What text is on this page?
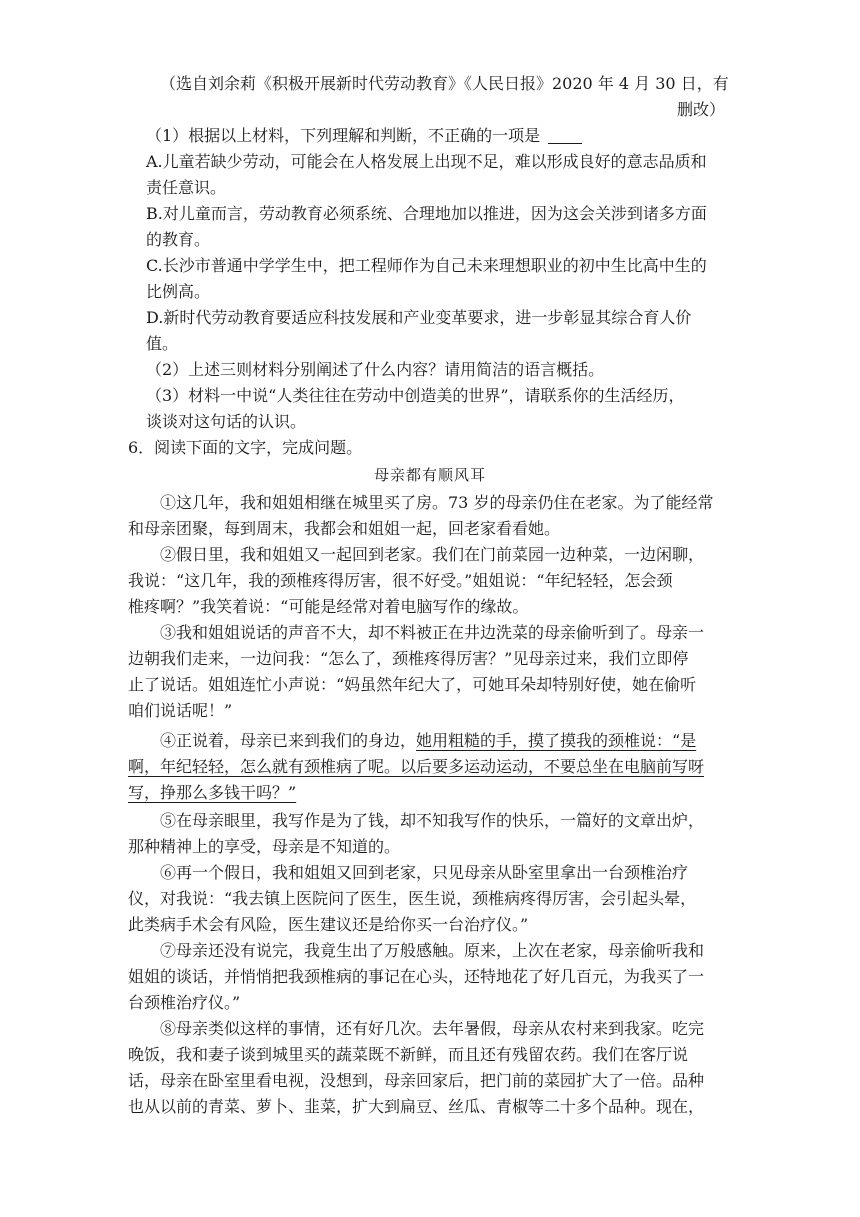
（选自刘余莉《积极开展新时代劳动教育》《人民日报》2020 年 4 月 30 日，有
删改）
（1）根据以上材料，下列理解和判断，不正确的一项是
A.儿童若缺少劳动，可能会在人格发展上出现不足，难以形成良好的意志品质和
责任意识。
B.对儿童而言，劳动教育必须系统、合理地加以推进，因为这会关涉到诸多方面
的教育。
C.长沙市普通中学学生中，把工程师作为自己未来理想职业的初中生比高中生的
比例高。
D.新时代劳动教育要适应科技发展和产业变革要求，进一步彰显其综合育人价
值。
（2）上述三则材料分别阐述了什么内容？请用简洁的语言概括。
（3）材料一中说“人类往往在劳动中创造美的世界”，请联系你的生活经历，
谈谈对这句话的认识。
6．阅读下面的文字，完成问题。
母亲都有顺风耳
①这几年，我和姐姐相继在城里买了房。73 岁的母亲仍住在老家。为了能经常
和母亲团聚，每到周末，我都会和姐姐一起，回老家看看她。
②假日里，我和姐姐又一起回到老家。我们在门前菜园一边种菜，一边闲聊，
我说：“这几年，我的颈椎疼得厉害，很不好受。”姐姐说：“年纪轻轻，怎会颈
椎疼啊？”我笑着说：“可能是经常对着电脑写作的缘故。
③我和姐姐说话的声音不大，却不料被正在井边洗菜的母亲偷听到了。母亲一
边朝我们走来，一边问我：“怎么了，颈椎疼得厉害？”见母亲过来，我们立即停
止了说话。姐姐连忙小声说：“妈虽然年纪大了，可她耳朵却特别好使，她在偷听
咱们说话呢！”
④正说着，母亲已来到我们的身边，她用粗糙的手，摸了摸我的颈椎说：“是
啊，年纪轻轻，怎么就有颈椎病了呢。以后要多运动运动，不要总坐在电脑前写呀
写，挣那么多钱干吗？”
⑤在母亲眼里，我写作是为了钱，却不知我写作的快乐，一篇好的文章出炉，
那种精神上的享受，母亲是不知道的。
⑥再一个假日，我和姐姐又回到老家，只见母亲从卧室里拿出一台颈椎治疗
仪，对我说：“我去镇上医院问了医生，医生说，颈椎病疼得厉害，会引起头晕，
此类病手术会有风险，医生建议还是给你买一台治疗仪。”
⑦母亲还没有说完，我竟生出了万般感触。原来，上次在老家，母亲偷听我和
姐姐的谈话，并悄悄把我颈椎病的事记在心头，还特地花了好几百元，为我买了一
台颈椎治疗仪。”
⑧母亲类似这样的事情，还有好几次。去年暑假，母亲从农村来到我家。吃完
晚饭，我和妻子谈到城里买的蔬菜既不新鲜，而且还有残留农药。我们在客厅说
话，母亲在卧室里看电视，没想到，母亲回家后，把门前的菜园扩大了一倍。品种
也从以前的青菜、萝卜、韭菜，扩大到扁豆、丝瓜、青椒等二十多个品种。现在，
